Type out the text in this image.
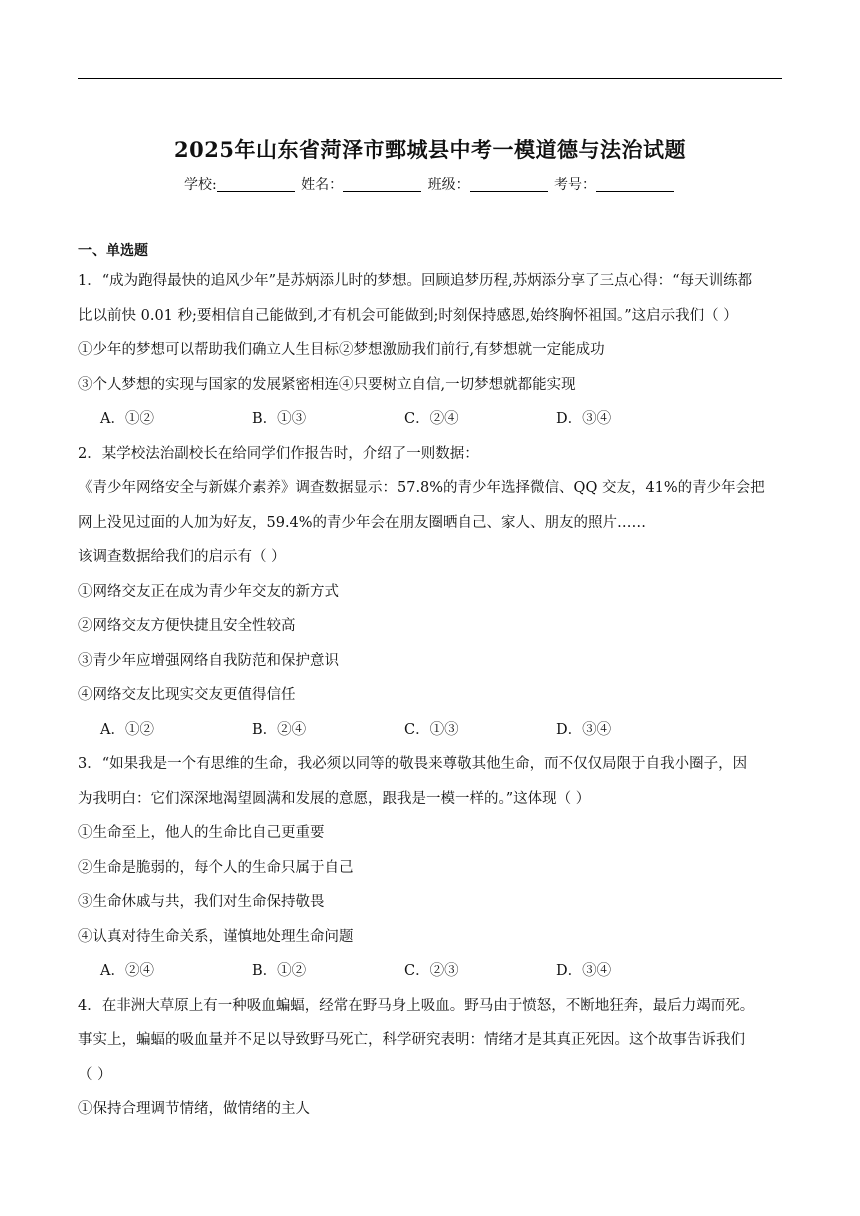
2025年山东省菏泽市鄄城县中考一模道德与法治试题
学校:	姓名：	班级：	考号：
一、单选题
1．“成为跑得最快的追风少年”是苏炳添儿时的梦想。回顾追梦历程,苏炳添分享了三点心得：“每天训练都
比以前快 0.01 秒;要相信自己能做到,才有机会可能做到;时刻保持感恩,始终胸怀祖国。”这启示我们（ ）
①少年的梦想可以帮助我们确立人生目标②梦想激励我们前行,有梦想就一定能成功
③个人梦想的实现与国家的发展紧密相连④只要树立自信,一切梦想就都能实现
A．①②	B．①③	C．②④	D．③④
2．某学校法治副校长在给同学们作报告时，介绍了一则数据：
《青少年网络安全与新媒介素养》调查数据显示：57.8%的青少年选择微信、QQ 交友，41%的青少年会把
网上没见过面的人加为好友，59.4%的青少年会在朋友圈晒自己、家人、朋友的照片……
该调查数据给我们的启示有（ ）
①网络交友正在成为青少年交友的新方式
②网络交友方便快捷且安全性较高
③青少年应增强网络自我防范和保护意识
④网络交友比现实交友更值得信任
A．①②	B．②④	C．①③	D．③④
3．“如果我是一个有思维的生命，我必须以同等的敬畏来尊敬其他生命，而不仅仅局限于自我小圈子，因
为我明白：它们深深地渴望圆满和发展的意愿，跟我是一模一样的。”这体现（ ）
①生命至上，他人的生命比自己更重要
②生命是脆弱的，每个人的生命只属于自己
③生命休戚与共，我们对生命保持敬畏
④认真对待生命关系，谨慎地处理生命问题
A．②④	B．①②	C．②③	D．③④
4．在非洲大草原上有一种吸血蝙蝠，经常在野马身上吸血。野马由于愤怒，不断地狂奔，最后力竭而死。
事实上，蝙蝠的吸血量并不足以导致野马死亡，科学研究表明：情绪才是其真正死因。这个故事告诉我们
（ ）
①保持合理调节情绪，做情绪的主人
